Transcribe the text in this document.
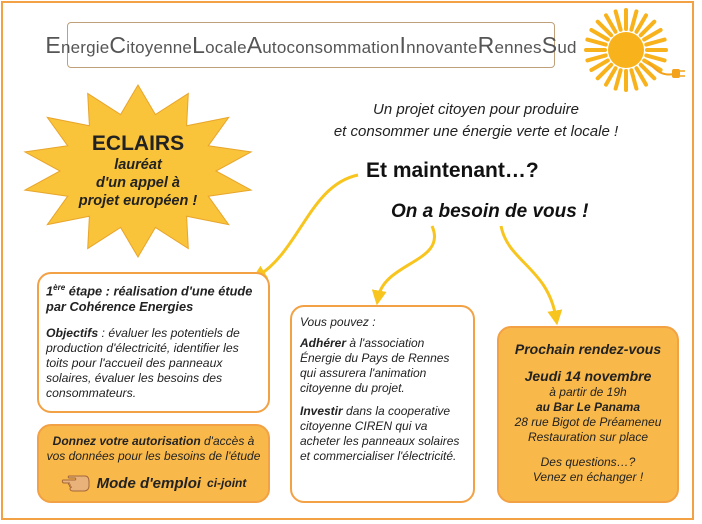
Energie Citoyenne Locale Autoconsommation Innovante Rennes Sud
ECLAIRS
lauréat
d'un appel à
projet européen !
Un projet citoyen pour produire
et consommer une énergie verte et locale !
Et maintenant…?
On a besoin de vous !
1ère étape : réalisation d'une étude par Cohérence Energies
Objectifs : évaluer les potentiels de production d'électricité, identifier les toits pour l'accueil des panneaux solaires, évaluer les besoins des consommateurs.
Donnez votre autorisation d'accès à vos données pour les besoins de l'étude
Mode d'emploi ci-joint
Vous pouvez :
Adhérer à l'association Énergie du Pays de Rennes qui assurera l'animation citoyenne du projet.
Investir dans la cooperative citoyenne CIREN qui va acheter les panneaux solaires et commercialiser l'électricité.
Prochain rendez-vous
Jeudi 14 novembre
à partir de 19h
au Bar Le Panama
28 rue Bigot de Préameneu
Restauration sur place
Des questions…?
Venez en échanger !
